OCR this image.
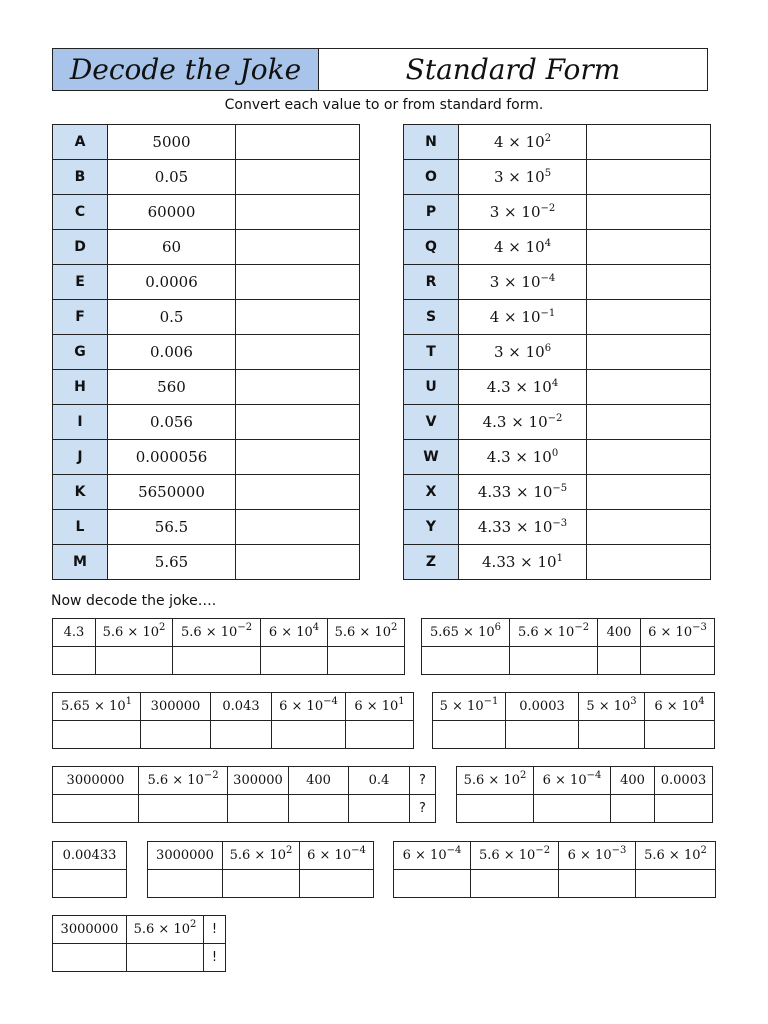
Decode the Joke	Standard Form
Convert each value to or from standard form.
A	5000	
B	0.05	
C	60000	
D	60	
E	0.0006	
F	0.5	
G	0.006	
H	560	
I	0.056	
J	0.000056	
K	5650000	
L	56.5	
M	5.65	
N	$4 \times 10^2$	
O	$3 \times 10^5$	
P	$3 \times 10^{-2}$	
Q	$4 \times 10^4$	
R	$3 \times 10^{-4}$	
S	$4 \times 10^{-1}$	
T	$3 \times 10^6$	
U	$4.3 \times 10^4$	
V	$4.3 \times 10^{-2}$	
W	$4.3 \times 10^0$	
X	$4.33 \times 10^{-5}$	
Y	$4.33 \times 10^{-3}$	
Z	$4.33 \times 10^1$	
Now decode the joke….
4.3	$5.6 \times 10^2$	$5.6 \times 10^{-2}$	$6 \times 10^4$	$5.6 \times 10^2$
					$5.65 \times 10^6$	$5.6 \times 10^{-2}$	400	$6 \times 10^{-3}$

$5.65 \times 10^1$	300000	0.043	$6 \times 10^{-4}$	$6 \times 10^1$
					$5 \times 10^{-1}$	0.0003	$5 \times 10^3$	$6 \times 10^4$

3000000	$5.6 \times 10^{-2}$	300000	400	0.4	?
					?
$5.6 \times 10^2$	$6 \times 10^{-4}$	400	0.0003

0.00433	3000000	$5.6 \times 10^2$	$6 \times 10^{-4}$
			$6 \times 10^{-4}$	$5.6 \times 10^{-2}$	$6 \times 10^{-3}$	$5.6 \times 10^2$

3000000	$5.6 \times 10^2$	!
		!
